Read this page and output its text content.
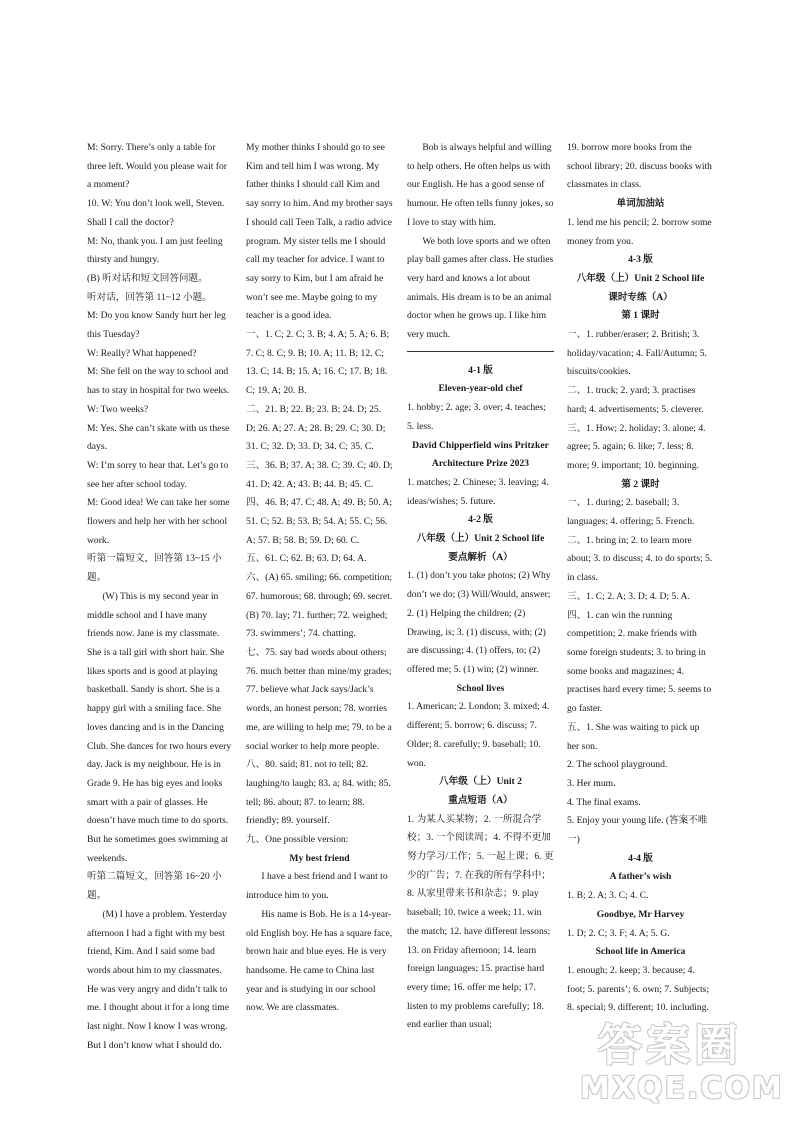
M: Sorry. There’s only a table for three left. Would you please wait for a moment?

10. W: You don’t look well, Steven. Shall I call the doctor?

M: No, thank you. I am just feeling thirsty and hungry.

(B) 听对话和短文回答问题。

听对话，回答第 11~12 小题。

M: Do you know Sandy hurt her leg this Tuesday?

W: Really? What happened?

M: She fell on the way to school and has to stay in hospital for two weeks.

W: Two weeks?

M: Yes. She can’t skate with us these days.

W: I’m sorry to hear that. Let’s go to see her after school today.

M: Good idea! We can take her some flowers and help her with her school work.

听第一篇短文，回答第 13~15 小题。

(W) This is my second year in middle school and I have many friends now. Jane is my classmate. She is a tall girl with short hair. She likes sports and is good at playing basketball. Sandy is short. She is a happy girl with a smiling face. She loves dancing and is in the Dancing Club. She dances for two hours every day. Jack is my neighbour. He is in Grade 9. He has big eyes and looks smart with a pair of glasses. He doesn’t have much time to do sports. But he sometimes goes swimming at weekends.

听第二篇短文，回答第 16~20 小题。

(M) I have a problem. Yesterday afternoon I had a fight with my best friend, Kim. And I said some bad words about him to my classmates. He was very angry and didn’t talk to me. I thought about it for a long time last night. Now I know I was wrong. But I don’t know what I should do.

My mother thinks I should go to see Kim and tell him I was wrong. My father thinks I should call Kim and say sorry to him. And my brother says I should call Teen Talk, a radio advice program. My sister tells me I should call my teacher for advice. I want to say sorry to Kim, but I am afraid he won’t see me. Maybe going to my teacher is a good idea.

一、1. C; 2. C; 3. B; 4. A; 5. A; 6. B; 7. C; 8. C; 9. B; 10. A; 11. B; 12. C; 13. C; 14. B; 15. A; 16. C; 17. B; 18. C; 19. A; 20. B.

二、21. B; 22. B; 23. B; 24. D; 25. D; 26. A; 27. A; 28. B; 29. C; 30. D; 31. C; 32. D; 33. D; 34. C; 35. C.

三、36. B; 37. A; 38. C; 39. C; 40. D; 41. D; 42. A; 43. B; 44. B; 45. C.

四、46. B; 47. C; 48. A; 49. B; 50. A; 51. C; 52. B; 53. B; 54. A; 55. C; 56. A; 57. B; 58. B; 59. D; 60. C.

五、61. C; 62. B; 63. D; 64. A.

六、(A) 65. smiling; 66. competition; 67. humorous; 68. through; 69. secret. (B) 70. lay; 71. further; 72. weighed; 73. swimmers’; 74. chatting.

七、75. say bad words about others; 76. much better than mine/my grades; 77. believe what Jack says/Jack’s words, an honest person; 78. worries me, are willing to help me; 79. to be a social worker to help more people.

八、80. said; 81. not to tell; 82. laughing/to laugh; 83. a; 84. with; 85. tell; 86. about; 87. to learn; 88. friendly; 89. yourself.

九、One possible version:

My best friend

I have a best friend and I want to introduce him to you.

His name is Bob. He is a 14-year-old English boy. He has a square face, brown hair and blue eyes. He is very handsome. He came to China last year and is studying in our school now. We are classmates.

Bob is always helpful and willing to help others. He often helps us with our English. He has a good sense of humour. He often tells funny jokes, so I love to stay with him.

We both love sports and we often play ball games after class. He studies very hard and knows a lot about animals. His dream is to be an animal doctor when he grows up. I like him very much.

4-1 版

Eleven-year-old chef

1. hobby; 2. age; 3. over; 4. teaches; 5. less.

David Chipperfield wins Pritzker Architecture Prize 2023

1. matches; 2. Chinese; 3. leaving; 4. ideas/wishes; 5. future.

4-2 版

八年级（上）Unit 2 School life

要点解析（A）

1. (1) don’t you take photos; (2) Why don’t we do; (3) Will/Would, answer; 2. (1) Helping the children; (2) Drawing, is; 3. (1) discuss, with; (2) are discussing; 4. (1) offers, to; (2) offered me; 5. (1) win; (2) winner.

School lives

1. American; 2. London; 3. mixed; 4. different; 5. borrow; 6. discuss; 7. Older; 8. carefully; 9. baseball; 10. won.

八年级（上）Unit 2

重点短语（A）

1. 为某人买某物；2. 一所混合学校；3. 一个阅读周；4. 不得不更加努力学习/工作；5. 一起上课；6. 更少的广告；7. 在我的所有学科中；8. 从家里带来书和杂志；9. play baseball; 10. twice a week; 11. win the match; 12. have different lessons; 13. on Friday afternoon; 14. learn foreign languages; 15. practise hard every time; 16. offer me help; 17. listen to my problems carefully; 18. end earlier than usual;

19. borrow more books from the school library; 20. discuss books with classmates in class.

单词加油站

1. lend me his pencil; 2. borrow some money from you.

4-3 版

八年级（上）Unit 2 School life

课时专练（A）

第 1 课时

一、1. rubber/eraser; 2. British; 3. holiday/vacation; 4. Fall/Autumn; 5. biscuits/cookies.

二、1. truck; 2. yard; 3. practises hard; 4. advertisements; 5. cleverer.

三、1. How; 2. holiday; 3. alone; 4. agree; 5. again; 6. like; 7. less; 8. more; 9. important; 10. beginning.

第 2 课时

一、1. during; 2. baseball; 3. languages; 4. offering; 5. French.

二、1. bring in; 2. to learn more about; 3. to discuss; 4. to do sports; 5. in class.

三、1. C; 2. A; 3. D; 4. D; 5. A.

四、1. can win the running competition; 2. make friends with some foreign students; 3. to bring in some books and magazines; 4. practises hard every time; 5. seems to go faster.

五、1. She was waiting to pick up her son.

2. The school playground.

3. Her mum.

4. The final exams.

5. Enjoy your young life. (答案不唯一)

4-4 版

A father’s wish

1. B; 2. A; 3. C; 4. C.

Goodbye, Mr Harvey

1. D; 2. C; 3. F; 4. A; 5. G.

School life in America

1. enough; 2. keep; 3. because; 4. foot; 5. parents’; 6. own; 7. Subjects; 8. special; 9. different; 10. including.

答案圈
MXQE.COM
